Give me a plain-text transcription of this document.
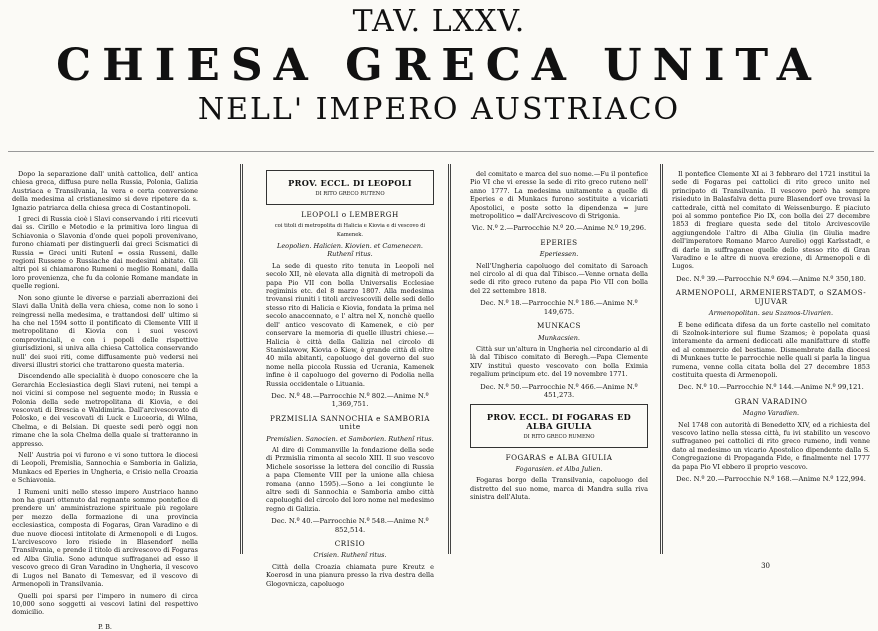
TAV. LXXV.
CHIESA GRECA UNITA
NELL' IMPERO AUSTRIACO

Dopo la separazione dall' unità cattolica, dell' antica chiesa greca, diffusa pure nella Russia, Polonia, Galizia Austriaca e Transilvania, la vera e certa conversione della medesima al cristianesimo si deve ripetere da s. Ignazio patriarca della chiesa greca di Costantinopoli.

I greci di Russia cioè i Slavi conservando i riti ricevuti dai ss. Cirillo e Metodio e la primitiva loro lingua di Schiavonia o Slavonia d'onde quei popoli provenivano, furono chiamati per distinguerli dai greci Scismatici di Russia = Greci uniti Rutenî = ossia Russeni, dalle regioni Russene o Russiache dai medesimi abitate. Gli altri poi si chiamarono Rumeni o meglio Romani, dalla loro provenienza, che fu da colonie Romane mandate in quelle regioni.

Non sono giunte le diverse e parziali aberrazioni dei Slavi dalla Unità della vera chiesa, come non lo sono i reingressi nella medesima, e trattandosi dell' ultimo si ha che nel 1594 sotto il pontificato di Clemente VIII il metropolitano di Kiovia con i suoi vescovi comprovinciali, e con i popoli delle rispettive giurisdizioni, si univa alla chiesa Cattolica conservando null' dei suoi riti, come diffusamente può vedersi nei diversi illustri storici che trattarono questa materia.

Discendendo alle specialità è duopo conoscere che la Gerarchia Ecclesiastica degli Slavi ruteni, nei tempi a noi vicini si compose nel seguente modo; in Russia e Polonia della sede metropolitana di Kiovia, e dei vescovati di Brescia e Waldimiria. Dall'arcivescovato di Polosko, e dei vescovati di Luck e Luceoria, di Wilna, Chelma, e di Belsian. Di queste sedi però oggi non rimane che la sola Chelma della quale si tratteranno in appresso.

Nell' Austria poi vi furono e vi sono tuttora le diocesi di Leopoli, Premislia, Sannochia e Samboria in Galizia, Munkacs ed Eperies in Ungheria, e Crisio nella Croazia e Schiavonia.

I Rumeni uniti nello stesso impero Austriaco hanno non ha guari ottenuto dal regnante sommo pontefice di prendere un' amministrazione spirituale più regolare per mezzo della formazione di una provincia ecclesiastica, composta di Fogaras, Gran Varadino e di due nuove diocesi intitolate di Armenopoli e di Lugos. L'arcivescovo loro risiede in Blasendorf nella Transilvania, e prende il titolo di arcivescovo di Fogaras ed Alba Giulia. Sono adunque suffraganei ad esso il vescovo greco di Gran Varadino in Ungheria, il vescovo di Lugos nel Banato di Temesvar, ed il vescovo di Armenopoli in Transilvania.

Quelli poi sparsi per l'impero in numero di circa 10,000 sono soggetti ai vescovi latini del respettivo domicilio.

P. B.
PROV. ECCL. DI LEOPOLI
DI RITO GRECO RUTENO
LEOPOLI o LEMBERGH
coi titoli di metropolita di Halicia e Kiovia e di vescovo di Kamenek.
Leopolien. Halicien. Kiovien. et Camenecen. Ruthenî ritus.

La sede di questo rito tenuta in Leopoli nel secolo XII, nè elevata alla dignità di metropoli da papa Pio VII con bolla Universalis Ecclesiae regiminis etc. del 8 marzo 1807. Alla medesima trovansi riuniti i titoli arcivescovili delle sedi dello stesso rito di Halicia e Kiovia, fondata la prima nel secolo anaccennato, e l' altra nel X, nonchè quello dell' antico vescovato di Kamenek, e ciò per conservare la memoria di quelle illustri chiese.—Halicia è città della Galizia nel circolo di Stanislawow, Kiovia o Kiew, è grande città di oltre 40 mila abitanti, capoluogo del governo del suo nome nella piccola Russia ed Ucrania, Kamenek infine è il capoluogo del governo di Podolia nella Russia occidentale o Lituania.

Dec. N.º 48.—Parrocchie N.º 802.—Anime N.º 1,369,751.
PRZMISLIA SANNOCHIA e SAMBORIA unite
Premislien. Sanocien. et Samborien. Ruthenî ritus.

Al dire di Commanville la fondazione della sede di Przmislia rimonta al secolo XIII. Il suo vescovo Michele sosorisse la lettera del concilio di Russia a papa Clemente VIII per la unione alla chiesa romana (anno 1595).—Sono a lei congiunte le altre sedi di Sannochia e Samboria ambo città capoluoghi del circolo del loro nome nel medesimo regno di Galizia.

Dec. N.º 40.—Parrocchie N.º 548.—Anime N.º 852,514.
CRISIO
Crisien. Ruthenî ritus.

Città della Croazia chiamata pure Kreutz e Koerosd in una pianura presso la riva destra della Glogovnicza, capoluogo

del comitato e marca del suo nome.—Fu il pontefice Pio VI che vi eresse la sede di rito greco ruteno nell' anno 1777. La medesima unitamente a quelle di Eperies e di Munkacs furono sostituite a vicariati Apostolici, e poste sotto la dipendenza = jure metropolitico = dall'Arcivescovo di Strigonia.

Vic. N.º 2.—Parrocchie N.º 20.—Anime N.º 19,296.
EPERIES
Eperiessen.

Nell'Ungheria capoluogo del comitato di Saroach nel circolo al di qua dal Tibisco.—Venne ornata della sede di rito greco ruteno da papa Pio VII con bolla del 22 settembre 1818.

Dec. N.º 18.—Parrocchie N.º 186.—Anime N.º 149,675.
MUNKACS
Munkacsien.

Città sur un'altura in Ungheria nel circondario al di là dal Tibisco comitato di Beregh.—Papa Clemente XIV instituì questo vescovato con bolla Eximia regalium principum etc. del 19 novembre 1771.

Dec. N.º 50.—Parrocchie N.º 466.—Anime N.º 451,273.
PROV. ECCL. DI FOGARAS ED ALBA GIULIA
DI RITO GRECO RUMENO
FOGARAS e ALBA GIULIA
Fogarasien. et Alba Julien.

Fogaras borgo della Transilvania, capoluogo del distretto del suo nome, marca di Mandra sulla riva sinistra dell'Aluta.

Il pontefice Clemente XI ai 3 febbraro del 1721 instituì la sede di Fogaras pei cattolici di rito greco unito nel principato di Transilvania. Il vescovo però ha sempre risieduto in Balasfalva detta pure Blasendorf ove trovasi la cattedrale, città nel comitato di Weissenburgo. È piaciuto poi al sommo pontefice Pio IX, con bolla dei 27 decembre 1853 di fregiare questa sede del titolo Arcivescovile aggiungendole l'altro di Alba Giulia (in Giulia madre dell'imperatore Romano Marco Aurelio) oggi Karlsstadt, e di darle in suffraganee quelle dello stesso rito di Gran Varadino e le altre di nuova erezione, di Armenopoli e di Lugos.

Dec. N.º 39.—Parrocchie N.º 694.—Anime N.º 350,180.
ARMENOPOLI, ARMENIERSTADT, o SZAMOS-UJUVAR
Armenopolitan. seu Szamos-Uivarien.

È bene edificata difesa da un forte castello nel comitato di Szolnok-interiore sul fiume Szamos; è popolata quasi interamente da armeni dediccati alle manifatture di stoffe ed al commercio del bestiame. Dismembrate dalla diocesi di Munkaes tutte le parrocchie nelle quali si parla la lingua rumena, venne colla citata bolla del 27 decembre 1853 costituita questa di Armenopoli.

Dec. N.º 10.—Parrocchie N.º 144.—Anime N.º 99,121.
GRAN VARADINO
Magno Varadien.

Nel 1748 con autorità di Benedetto XIV, ed a richiesta del vescovo latino nella stessa città, fu ivi stabilito un vescovo suffraganeo pei cattolici di rito greco rumeno, indi venne dato al medesimo un vicario Apostolico dipendente dalla S. Congregazione di Propaganda Fide, e finalmente nel 1777 da papa Pio VI ebbero il proprio vescovo.

Dec. N.º 20.—Parrocchie N.º 168.—Anime N.º 122,994.
30
